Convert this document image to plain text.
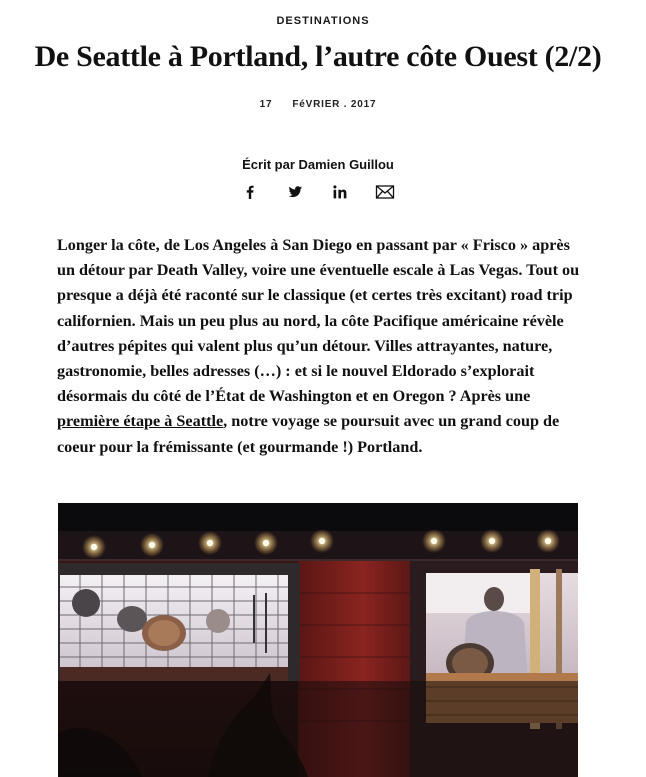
DESTINATIONS
De Seattle à Portland, l’autre côte Ouest (2/2)
17 FéVRIER . 2017
Écrit par Damien Guillou

Longer la côte, de Los Angeles à San Diego en passant par « Frisco » après un détour par Death Valley, voire une éventuelle escale à Las Vegas. Tout ou presque a déjà été raconté sur le classique (et certes très excitant) road trip californien. Mais un peu plus au nord, la côte Pacifique américaine révèle d’autres pépites qui valent plus qu’un détour. Villes attrayantes, nature, gastronomie, belles adresses (…) : et si le nouvel Eldorado s’explorait désormais du côté de l’État de Washington et en Oregon ? Après une première étape à Seattle, notre voyage se poursuit avec un grand coup de coeur pour la frémissante (et gourmande !) Portland.
